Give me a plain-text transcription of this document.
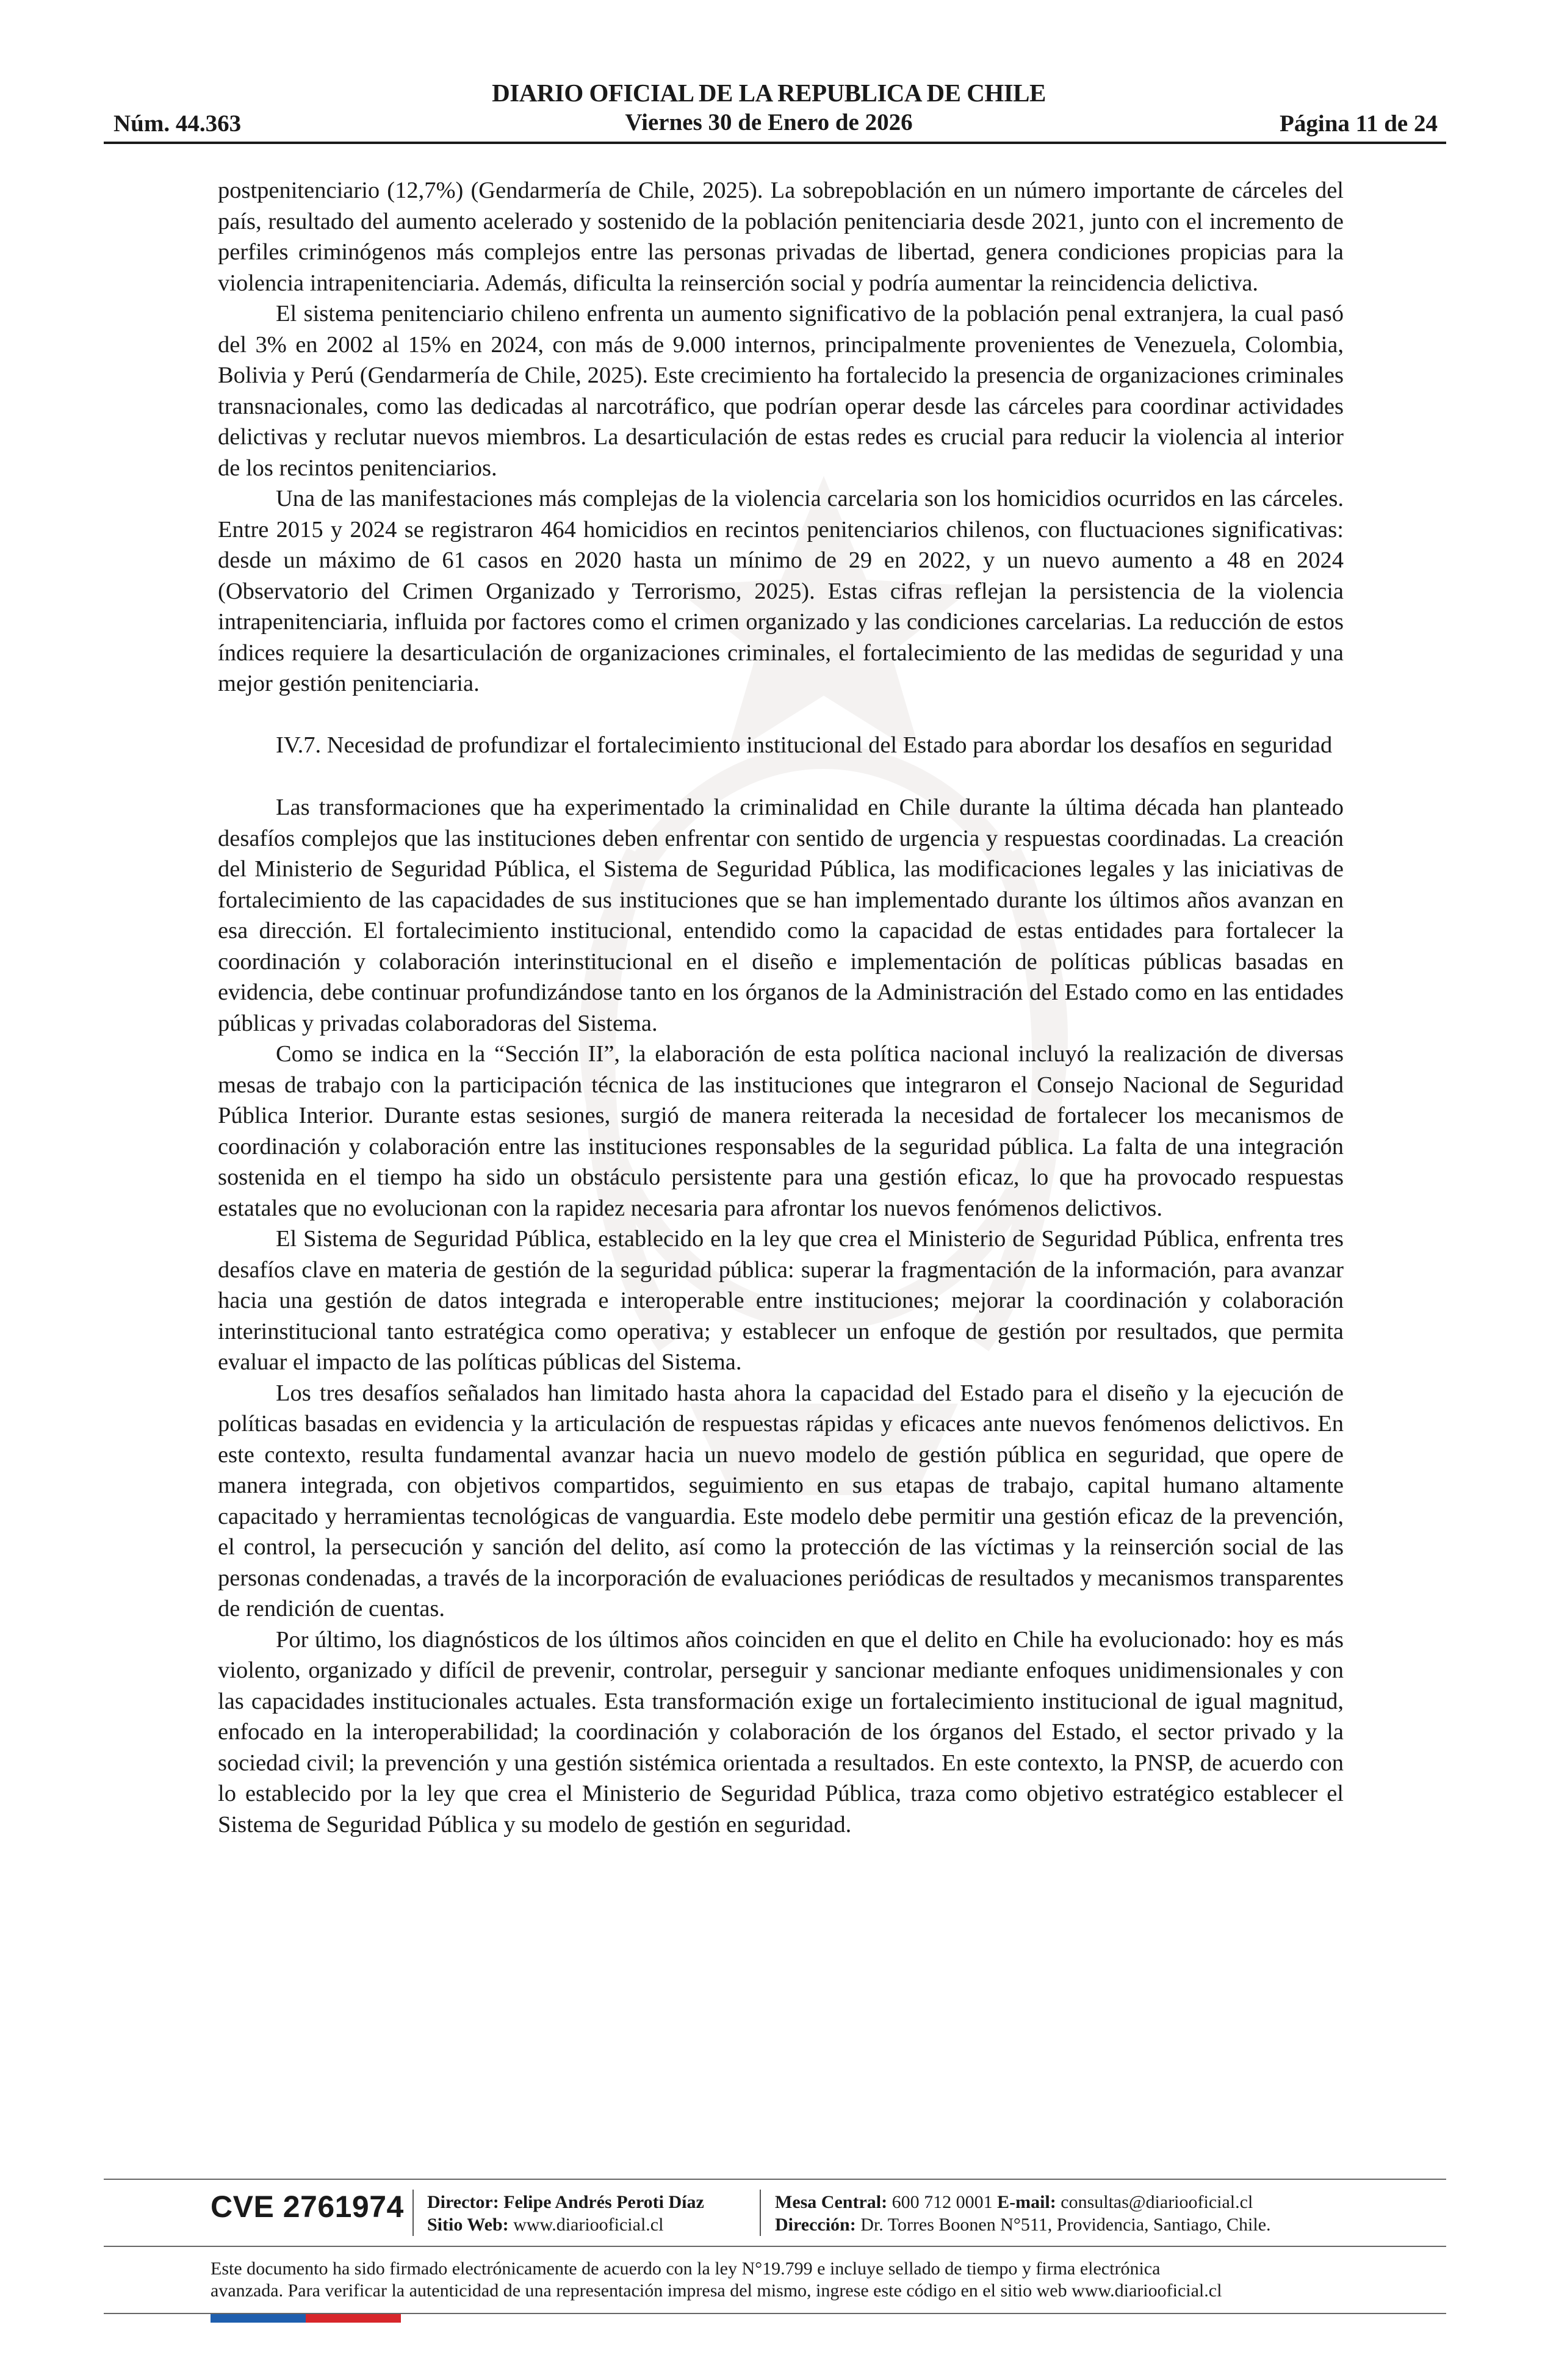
DIARIO OFICIAL DE LA REPUBLICA DE CHILE
Núm. 44.363	Viernes 30 de Enero de 2026	Página 11 de 24

postpenitenciario (12,7%) (Gendarmería de Chile, 2025). La sobrepoblación en un número importante de cárceles del país, resultado del aumento acelerado y sostenido de la población penitenciaria desde 2021, junto con el incremento de perfiles criminógenos más complejos entre las personas privadas de libertad, genera condiciones propicias para la violencia intrapenitenciaria. Además, dificulta la reinserción social y podría aumentar la reincidencia delictiva.

El sistema penitenciario chileno enfrenta un aumento significativo de la población penal extranjera, la cual pasó del 3% en 2002 al 15% en 2024, con más de 9.000 internos, principalmente provenientes de Venezuela, Colombia, Bolivia y Perú (Gendarmería de Chile, 2025). Este crecimiento ha fortalecido la presencia de organizaciones criminales transnacionales, como las dedicadas al narcotráfico, que podrían operar desde las cárceles para coordinar actividades delictivas y reclutar nuevos miembros. La desarticulación de estas redes es crucial para reducir la violencia al interior de los recintos penitenciarios.

Una de las manifestaciones más complejas de la violencia carcelaria son los homicidios ocurridos en las cárceles. Entre 2015 y 2024 se registraron 464 homicidios en recintos penitenciarios chilenos, con fluctuaciones significativas: desde un máximo de 61 casos en 2020 hasta un mínimo de 29 en 2022, y un nuevo aumento a 48 en 2024 (Observatorio del Crimen Organizado y Terrorismo, 2025). Estas cifras reflejan la persistencia de la violencia intrapenitenciaria, influida por factores como el crimen organizado y las condiciones carcelarias. La reducción de estos índices requiere la desarticulación de organizaciones criminales, el fortalecimiento de las medidas de seguridad y una mejor gestión penitenciaria.

IV.7. Necesidad de profundizar el fortalecimiento institucional del Estado para abordar los desafíos en seguridad

Las transformaciones que ha experimentado la criminalidad en Chile durante la última década han planteado desafíos complejos que las instituciones deben enfrentar con sentido de urgencia y respuestas coordinadas. La creación del Ministerio de Seguridad Pública, el Sistema de Seguridad Pública, las modificaciones legales y las iniciativas de fortalecimiento de las capacidades de sus instituciones que se han implementado durante los últimos años avanzan en esa dirección. El fortalecimiento institucional, entendido como la capacidad de estas entidades para fortalecer la coordinación y colaboración interinstitucional en el diseño e implementación de políticas públicas basadas en evidencia, debe continuar profundizándose tanto en los órganos de la Administración del Estado como en las entidades públicas y privadas colaboradoras del Sistema.

Como se indica en la “Sección II”, la elaboración de esta política nacional incluyó la realización de diversas mesas de trabajo con la participación técnica de las instituciones que integraron el Consejo Nacional de Seguridad Pública Interior. Durante estas sesiones, surgió de manera reiterada la necesidad de fortalecer los mecanismos de coordinación y colaboración entre las instituciones responsables de la seguridad pública. La falta de una integración sostenida en el tiempo ha sido un obstáculo persistente para una gestión eficaz, lo que ha provocado respuestas estatales que no evolucionan con la rapidez necesaria para afrontar los nuevos fenómenos delictivos.

El Sistema de Seguridad Pública, establecido en la ley que crea el Ministerio de Seguridad Pública, enfrenta tres desafíos clave en materia de gestión de la seguridad pública: superar la fragmentación de la información, para avanzar hacia una gestión de datos integrada e interoperable entre instituciones; mejorar la coordinación y colaboración interinstitucional tanto estratégica como operativa; y establecer un enfoque de gestión por resultados, que permita evaluar el impacto de las políticas públicas del Sistema.

Los tres desafíos señalados han limitado hasta ahora la capacidad del Estado para el diseño y la ejecución de políticas basadas en evidencia y la articulación de respuestas rápidas y eficaces ante nuevos fenómenos delictivos. En este contexto, resulta fundamental avanzar hacia un nuevo modelo de gestión pública en seguridad, que opere de manera integrada, con objetivos compartidos, seguimiento en sus etapas de trabajo, capital humano altamente capacitado y herramientas tecnológicas de vanguardia. Este modelo debe permitir una gestión eficaz de la prevención, el control, la persecución y sanción del delito, así como la protección de las víctimas y la reinserción social de las personas condenadas, a través de la incorporación de evaluaciones periódicas de resultados y mecanismos transparentes de rendición de cuentas.

Por último, los diagnósticos de los últimos años coinciden en que el delito en Chile ha evolucionado: hoy es más violento, organizado y difícil de prevenir, controlar, perseguir y sancionar mediante enfoques unidimensionales y con las capacidades institucionales actuales. Esta transformación exige un fortalecimiento institucional de igual magnitud, enfocado en la interoperabilidad; la coordinación y colaboración de los órganos del Estado, el sector privado y la sociedad civil; la prevención y una gestión sistémica orientada a resultados. En este contexto, la PNSP, de acuerdo con lo establecido por la ley que crea el Ministerio de Seguridad Pública, traza como objetivo estratégico establecer el Sistema de Seguridad Pública y su modelo de gestión en seguridad.

CVE 2761974 Director: Felipe Andrés Peroti Díaz
Sitio Web: www.diariooficial.cl
Mesa Central: 600 712 0001 E-mail: consultas@diariooficial.cl
Dirección: Dr. Torres Boonen N°511, Providencia, Santiago, Chile.

Este documento ha sido firmado electrónicamente de acuerdo con la ley N°19.799 e incluye sellado de tiempo y firma electrónica

avanzada. Para verificar la autenticidad de una representación impresa del mismo, ingrese este código en el sitio web www.diariooficial.cl
